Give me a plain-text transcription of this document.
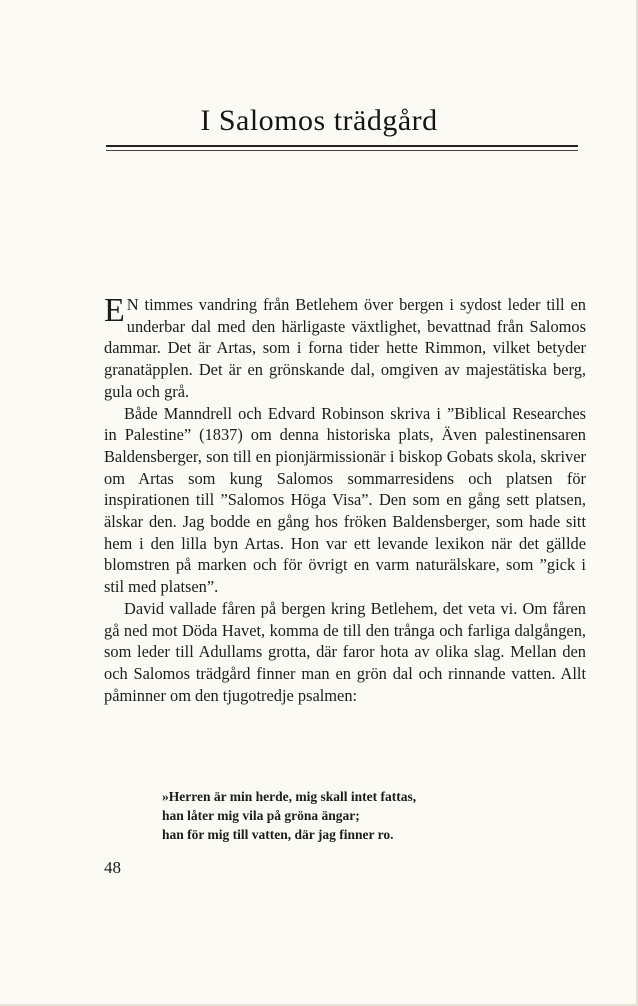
I Salomos trädgård

E N timmes vandring från Betlehem över bergen i sydost leder till en underbar dal med den härligaste växtlighet, bevattnad från Salomos dammar. Det är Artas, som i forna tider hette Rimmon, vilket betyder granatäpplen. Det är en grönskande dal, omgiven av majestätiska berg, gula och grå.

Både Manndrell och Edvard Robinson skriva i ”Biblical Researches in Palestine” (1837) om denna historiska plats, Även palestinensaren Baldensberger, son till en pionjärmissionär i biskop Gobats skola, skriver om Artas som kung Salomos sommarresidens och platsen för inspirationen till ”Salomos Höga Visa”. Den som en gång sett platsen, älskar den. Jag bodde en gång hos fröken Baldensberger, som hade sitt hem i den lilla byn Artas. Hon var ett levande lexikon när det gällde blomstren på marken och för övrigt en varm naturälskare, som ”gick i stil med platsen”.

David vallade fåren på bergen kring Betlehem, det veta vi. Om fåren gå ned mot Döda Havet, komma de till den trånga och farliga dalgången, som leder till Adullams grotta, där faror hota av olika slag. Mellan den och Salomos trädgård finner man en grön dal och rinnande vatten. Allt påminner om den tjugotredje psalmen:

»Herren är min herde, mig skall intet fattas,
han låter mig vila på gröna ängar;
han för mig till vatten, där jag finner ro.
48
